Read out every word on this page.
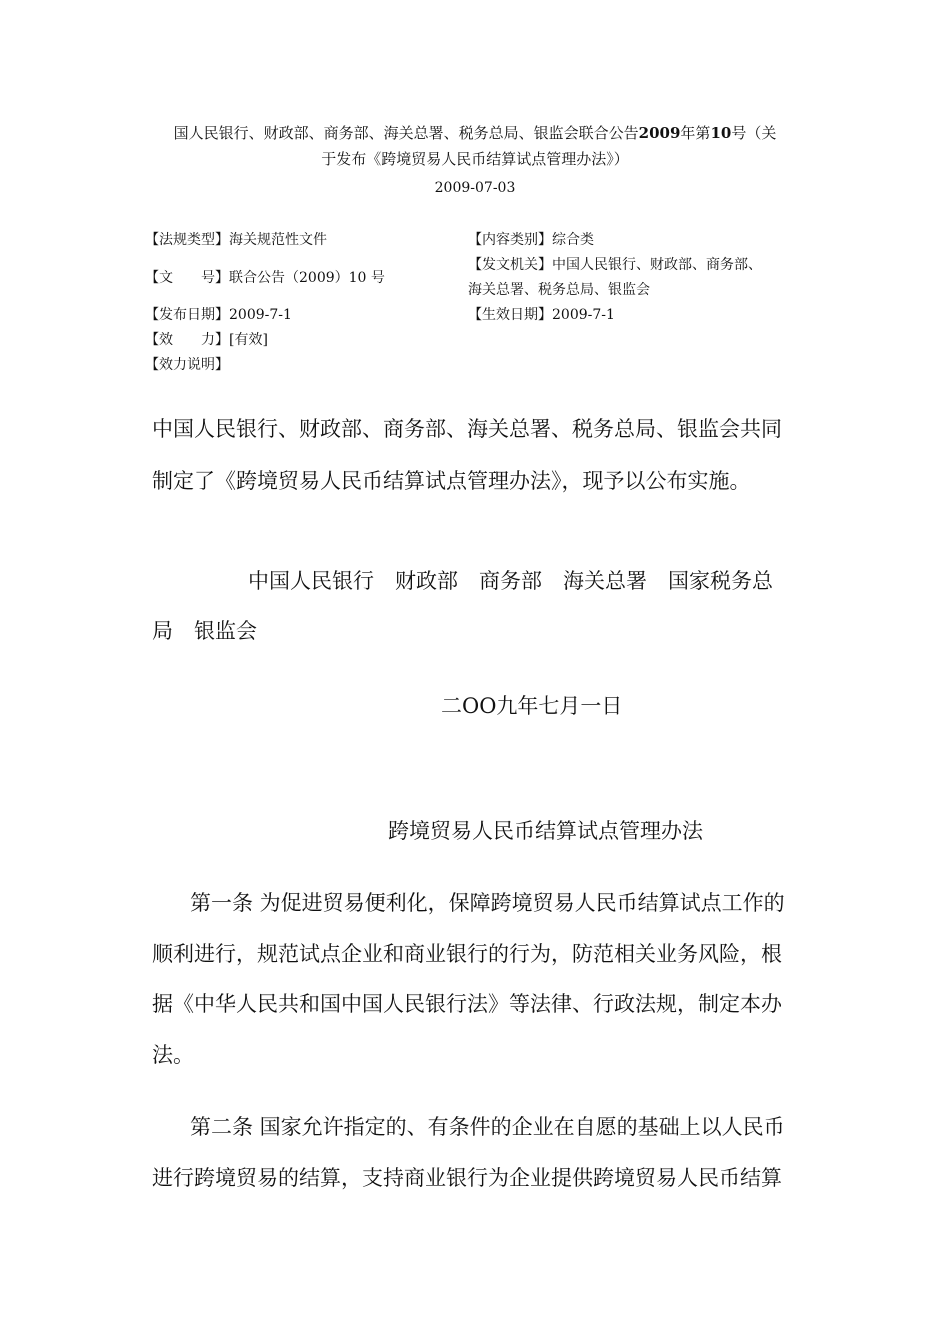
国人民银行、财政部、商务部、海关总署、税务总局、银监会联合公告2009年第10号（关
于发布《跨境贸易人民币结算试点管理办法》）
2009-07-03
【法规类型】海关规范性文件	【内容类别】综合类
【文　　号】联合公告（2009）10 号
【发文机关】中国人民银行、财政部、商务部、
海关总署、税务总局、银监会
【发布日期】2009-7-1	【生效日期】2009-7-1
【效　　力】[有效]
【效力说明】
中国人民银行、财政部、商务部、海关总署、税务总局、银监会共同
制定了《跨境贸易人民币结算试点管理办法》，现予以公布实施。
中国人民银行　财政部　商务部　海关总署　国家税务总
局　银监会
二OO九年七月一日
跨境贸易人民币结算试点管理办法
第一条 为促进贸易便利化，保障跨境贸易人民币结算试点工作的
顺利进行，规范试点企业和商业银行的行为，防范相关业务风险，根
据《中华人民共和国中国人民银行法》等法律、行政法规，制定本办
法。
第二条 国家允许指定的、有条件的企业在自愿的基础上以人民币
进行跨境贸易的结算，支持商业银行为企业提供跨境贸易人民币结算
